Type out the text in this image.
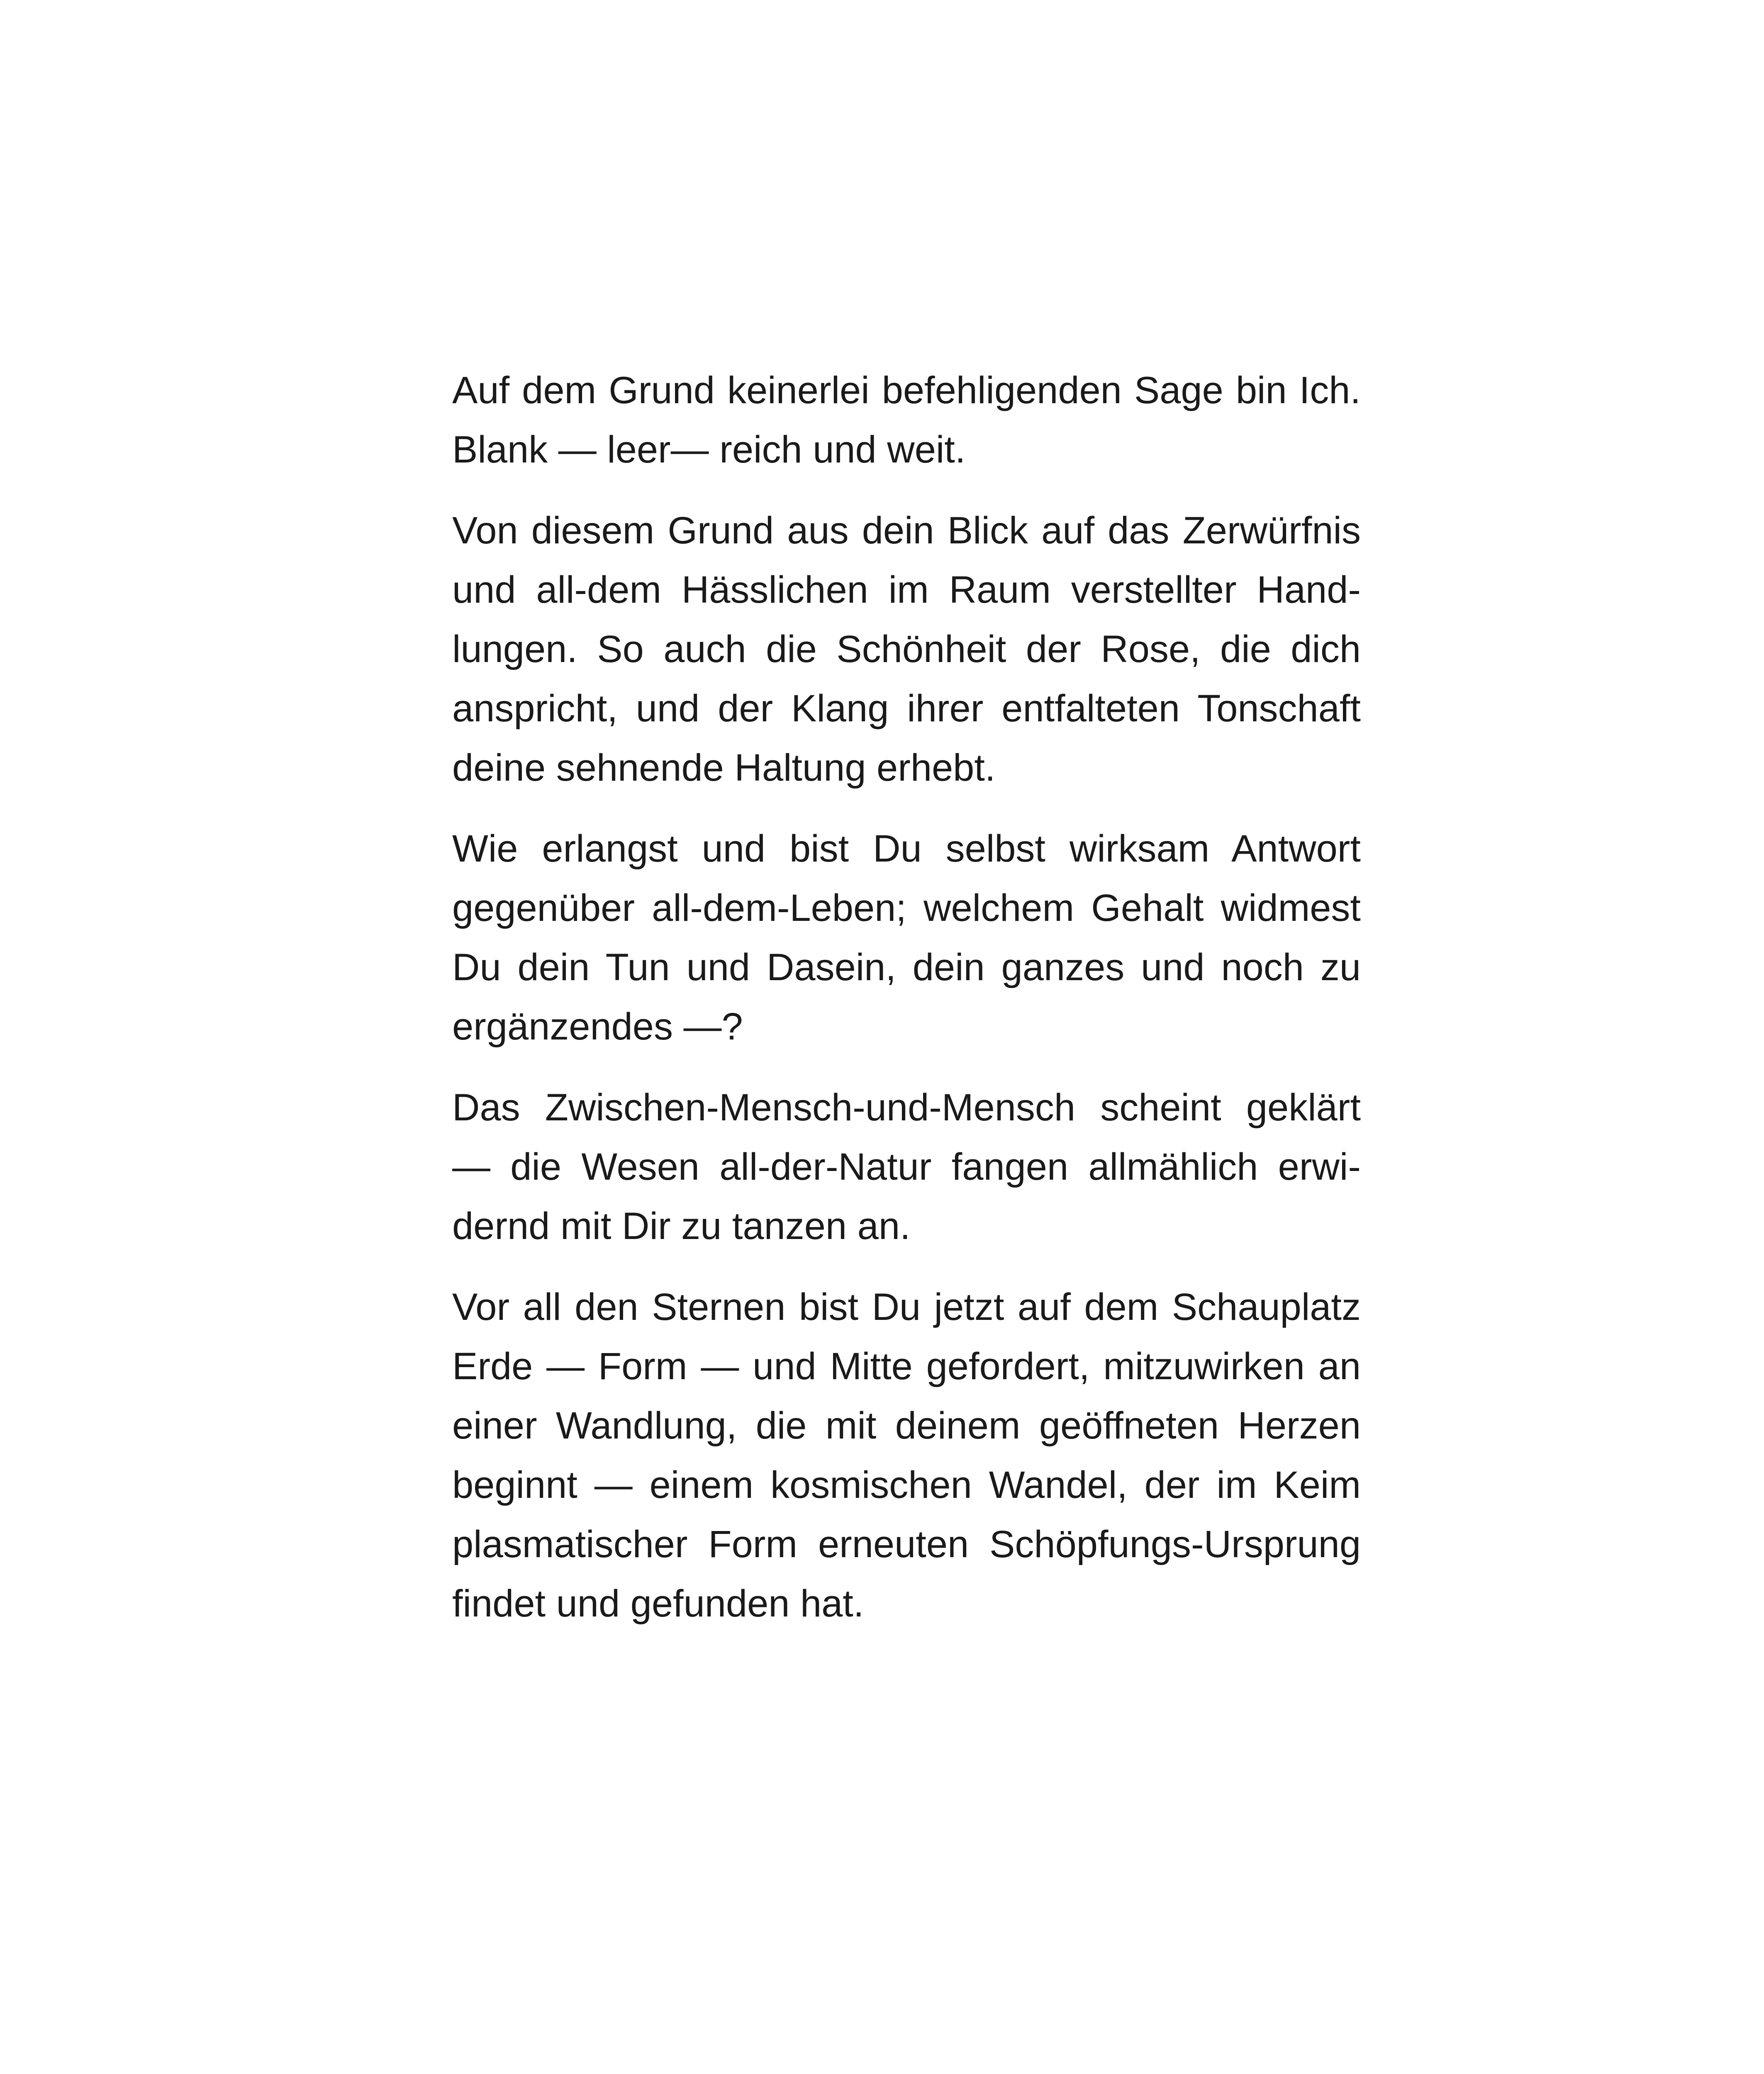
Auf dem Grund keinerlei befehligenden Sage bin Ich.
Blank — leer— reich und weit.

Von diesem Grund aus dein Blick auf das Zerwürfnis
und all-dem Hässlichen im Raum verstellter Hand-
lungen. So auch die Schönheit der Rose, die dich
anspricht, und der Klang ihrer entfalteten Tonschaft
deine sehnende Haltung erhebt.

Wie erlangst und bist Du selbst wirksam Antwort
gegenüber all-dem-Leben; welchem Gehalt widmest
Du dein Tun und Dasein, dein ganzes und noch zu
ergänzendes —?

Das Zwischen-Mensch-und-Mensch scheint geklärt
— die Wesen all-der-Natur fangen allmählich erwi-
dernd mit Dir zu tanzen an.

Vor all den Sternen bist Du jetzt auf dem Schauplatz
Erde — Form — und Mitte gefordert, mitzuwirken an
einer Wandlung, die mit deinem geöffneten Herzen
beginnt — einem kosmischen Wandel, der im Keim
plasmatischer Form erneuten Schöpfungs-Ursprung
findet und gefunden hat.
